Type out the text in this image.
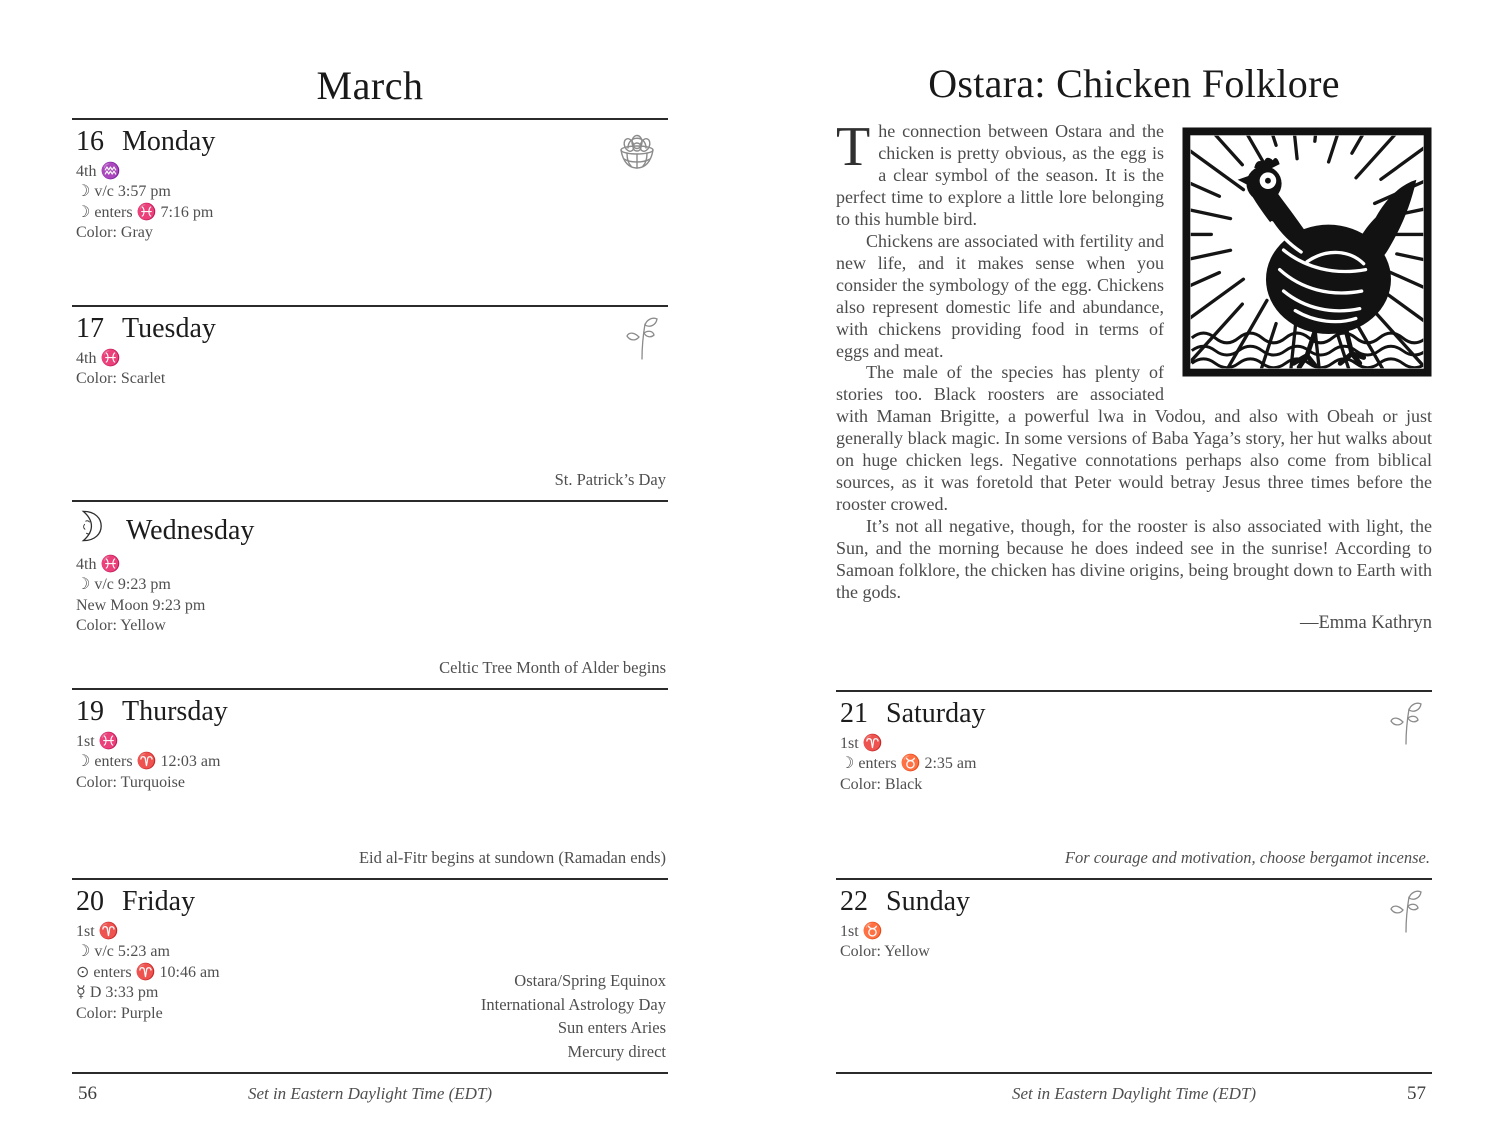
March
16 Monday
4th ♒
☽ v/c 3:57 pm
☽ enters ♓ 7:16 pm
Color: Gray
17 Tuesday
4th ♓
Color: Scarlet
St. Patrick’s Day
Wednesday
4th ♓
☽ v/c 9:23 pm
New Moon 9:23 pm
Color: Yellow
Celtic Tree Month of Alder begins
19 Thursday
1st ♓
☽ enters ♈ 12:03 am
Color: Turquoise
Eid al-Fitr begins at sundown (Ramadan ends)
20 Friday
1st ♈
☽ v/c 5:23 am
⊙ enters ♈ 10:46 am
☿ D 3:33 pm
Color: Purple
Ostara/Spring Equinox
International Astrology Day
Sun enters Aries
Mercury direct
56	Set in Eastern Daylight Time (EDT)
Ostara: Chicken Folklore

The connection between Ostara and the chicken is pretty obvious, as the egg is a clear symbol of the season. It is the perfect time to explore a little lore belonging to this humble bird.

Chickens are associated with fertility and new life, and it makes sense when you consider the symbology of the egg. Chickens also represent domestic life and abundance, with chickens providing food in terms of eggs and meat.

The male of the species has plenty of stories too. Black roosters are associated with Maman Brigitte, a powerful lwa in Vodou, and also with Obeah or just generally black magic. In some versions of Baba Yaga’s story, her hut walks about on huge chicken legs. Negative connotations perhaps also come from biblical sources, as it was foretold that Peter would betray Jesus three times before the rooster crowed.

It’s not all negative, though, for the rooster is also associated with light, the Sun, and the morning because he does indeed see in the sunrise! According to Samoan folklore, the chicken has divine origins, being brought down to Earth with the gods.

—Emma Kathryn
21 Saturday
1st ♈
☽ enters ♉ 2:35 am
Color: Black
For courage and motivation, choose bergamot incense.
22 Sunday
1st ♉
Color: Yellow
Set in Eastern Daylight Time (EDT)	57
